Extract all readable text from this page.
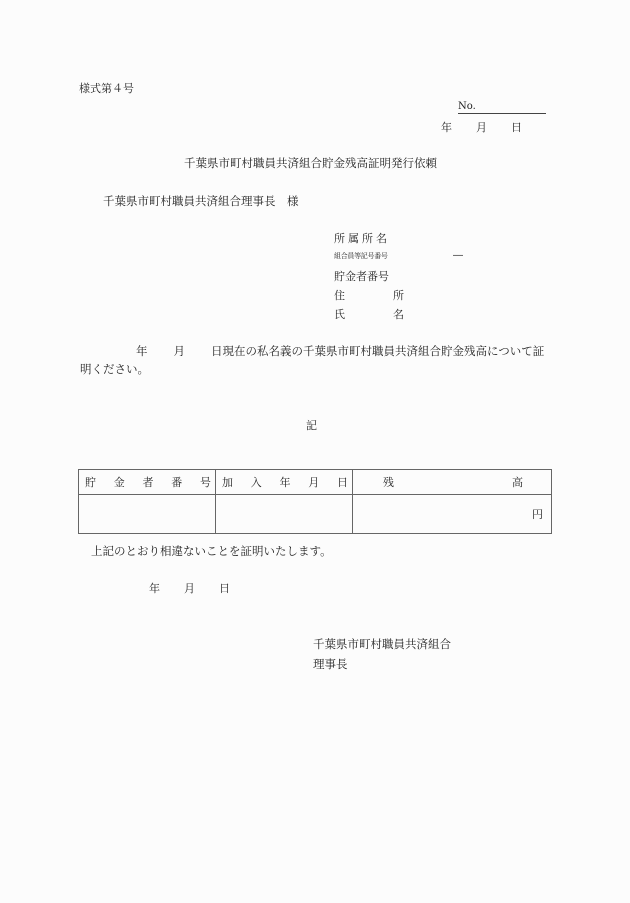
様式第４号
No.
年 月 日
千葉県市町村職員共済組合貯金残高証明発行依頼
千葉県市町村職員共済組合理事長　様
所属所名
組合員等記号番号
貯金者番号
住	所
氏	名
―
年 月 日現在の私名義の千葉県市町村職員共済組合貯金残高について証
明ください。
記
貯 金 者 番 号	加 入 年 月 日	残 高

		円
上記のとおり相違ないことを証明いたします。
年 月 日
千葉県市町村職員共済組合
理事長
